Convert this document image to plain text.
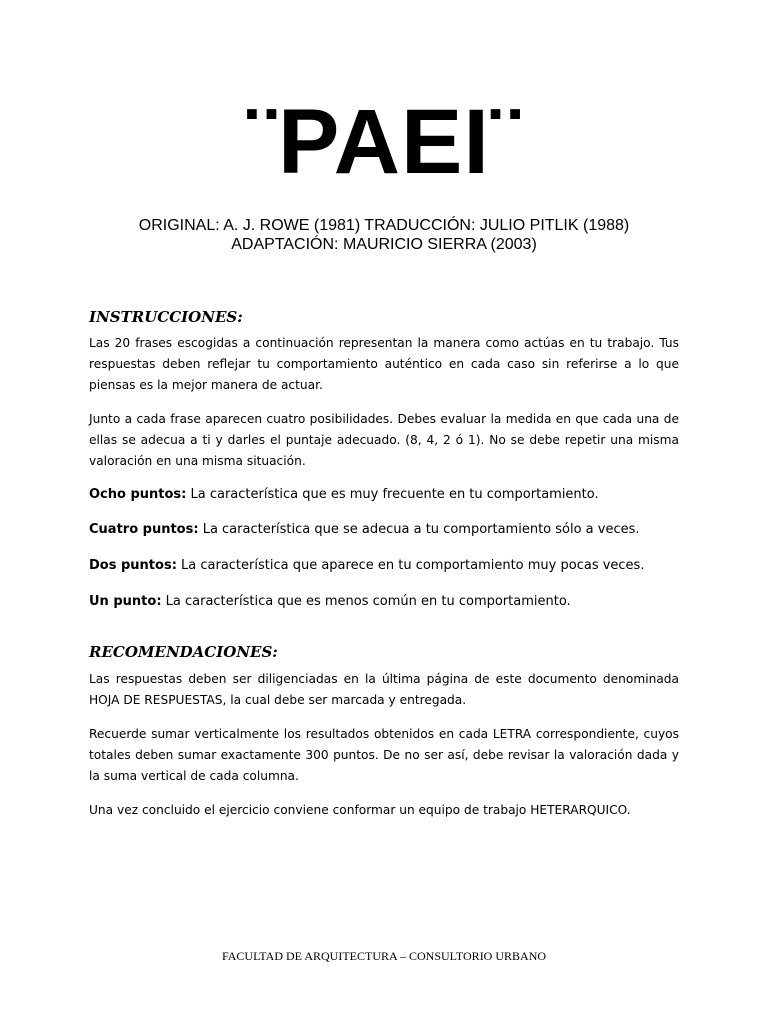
¨PAEI¨
ORIGINAL: A. J. ROWE (1981) TRADUCCIÓN: JULIO PITLIK (1988)
ADAPTACIÓN: MAURICIO SIERRA (2003)
INSTRUCCIONES:
Las 20 frases escogidas a continuación representan la manera como actúas en tu trabajo. Tus respuestas deben reflejar tu comportamiento auténtico en cada caso sin referirse a lo que piensas es la mejor manera de actuar.
Junto a cada frase aparecen cuatro posibilidades. Debes evaluar la medida en que cada una de ellas se adecua a ti y darles el puntaje adecuado. (8, 4, 2 ó 1). No se debe repetir una misma valoración en una misma situación.
Ocho puntos: La característica que es muy frecuente en tu comportamiento.
Cuatro puntos: La característica que se adecua a tu comportamiento sólo a veces.
Dos puntos: La característica que aparece en tu comportamiento muy pocas veces.
Un punto: La característica que es menos común en tu comportamiento.
RECOMENDACIONES:
Las respuestas deben ser diligenciadas en la última página de este documento denominada HOJA DE RESPUESTAS, la cual debe ser marcada y entregada.
Recuerde sumar verticalmente los resultados obtenidos en cada LETRA correspondiente, cuyos totales deben sumar exactamente 300 puntos. De no ser así, debe revisar la valoración dada y la suma vertical de cada columna.
Una vez concluido el ejercicio conviene conformar un equipo de trabajo HETERARQUICO.
FACULTAD DE ARQUITECTURA – CONSULTORIO URBANO
